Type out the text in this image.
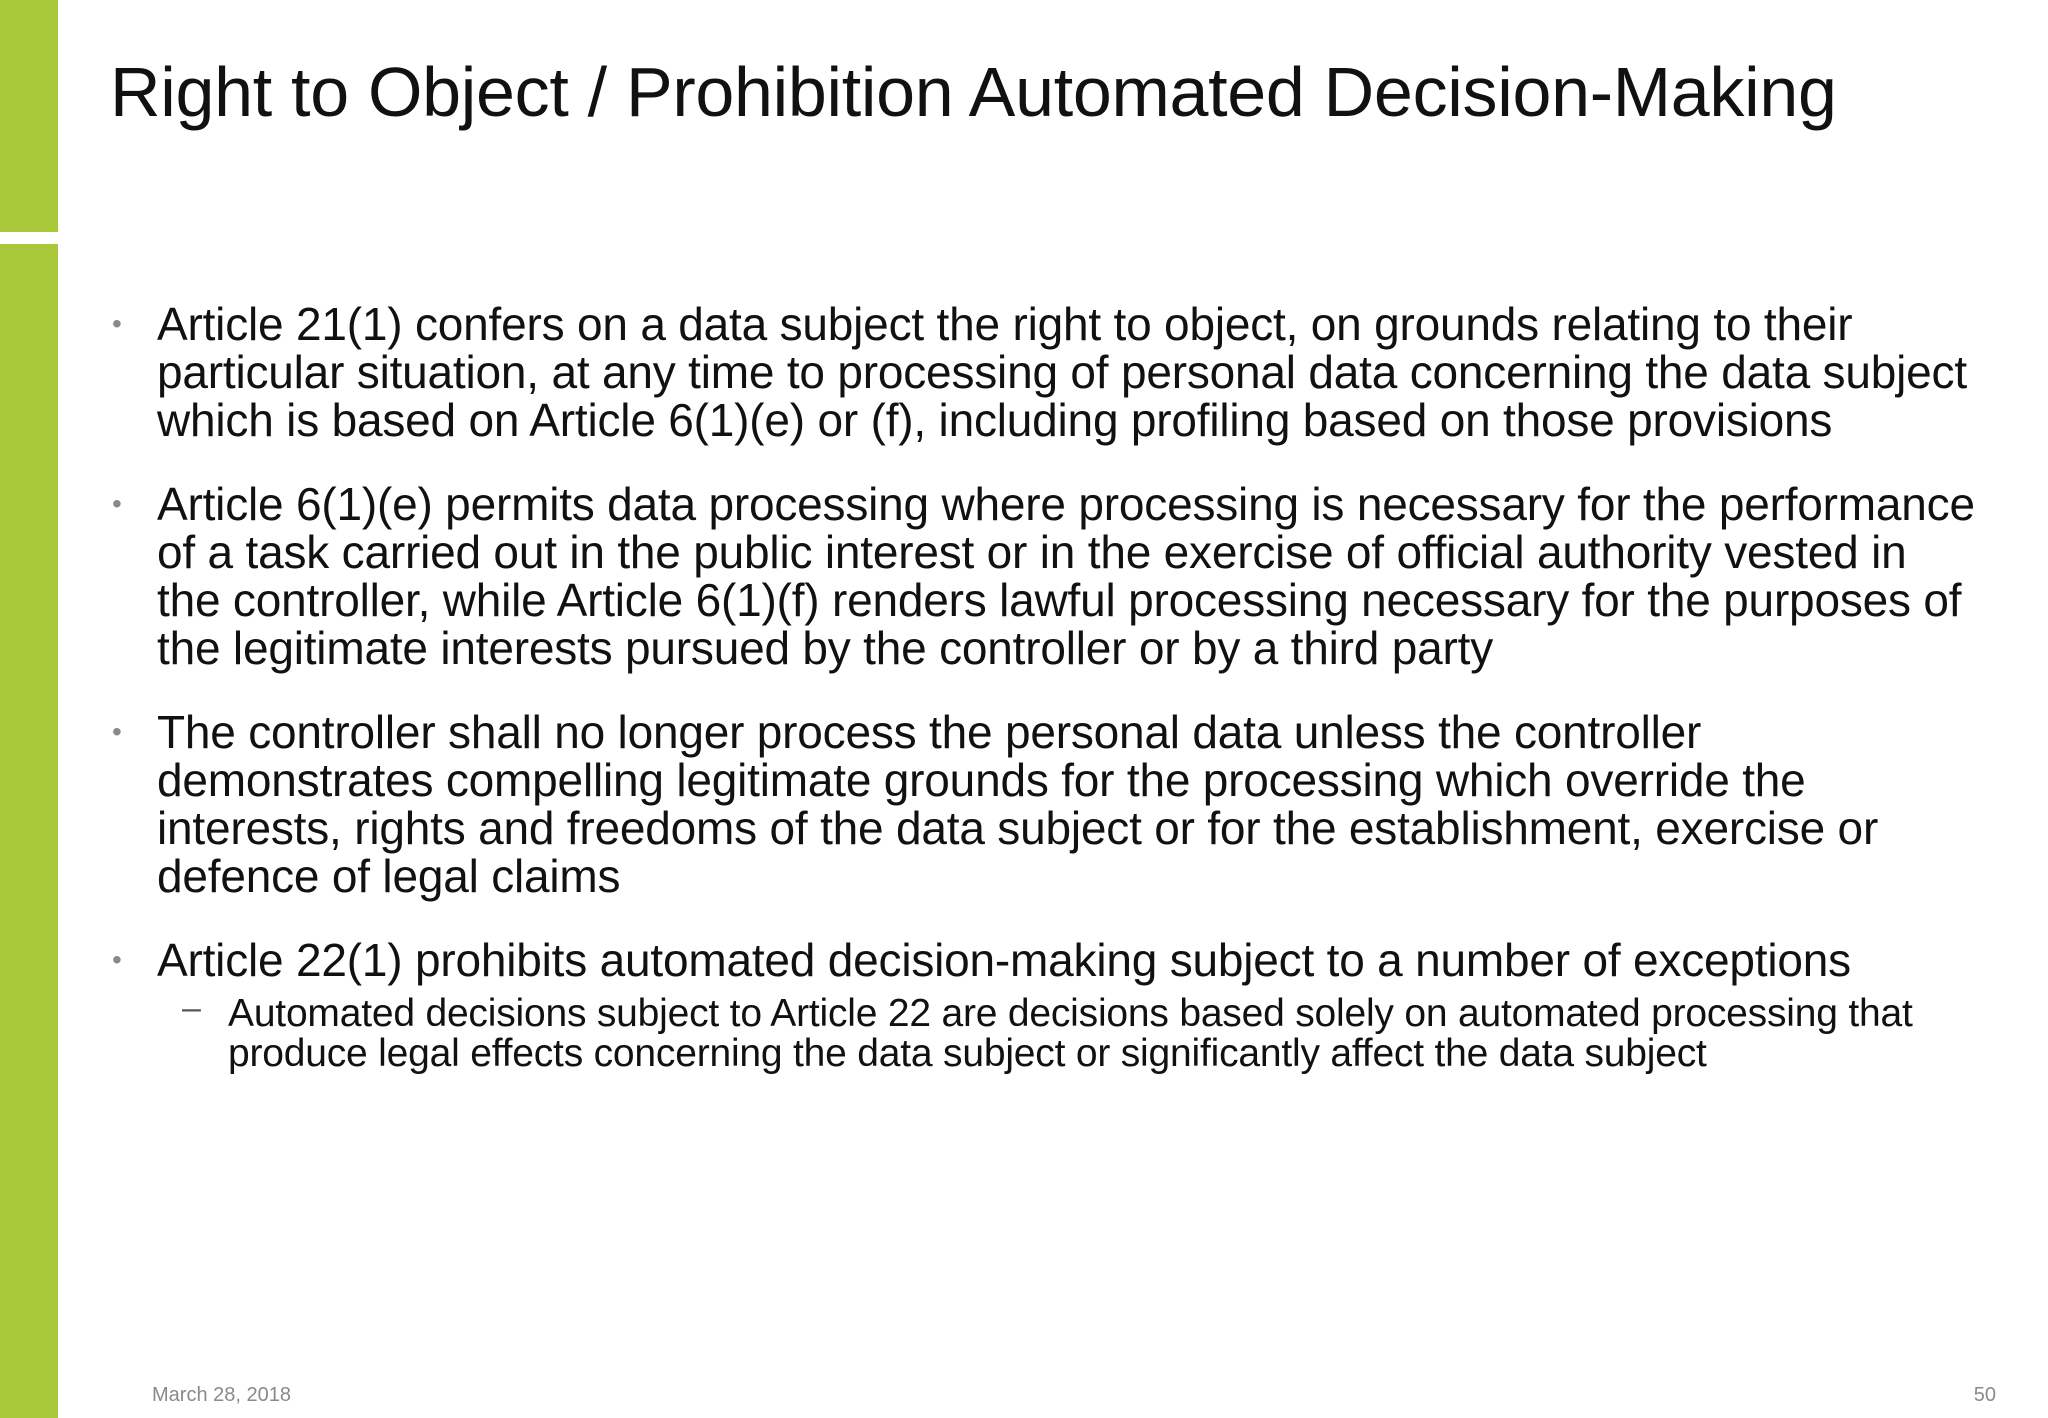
Right to Object / Prohibition Automated Decision-Making
• Article 21(1) confers on a data subject the right to object, on grounds relating to their particular situation, at any time to processing of personal data concerning the data subject which is based on Article 6(1)(e) or (f), including profiling based on those provisions
• Article 6(1)(e) permits data processing where processing is necessary for the performance of a task carried out in the public interest or in the exercise of official authority vested in the controller, while Article 6(1)(f) renders lawful processing necessary for the purposes of the legitimate interests pursued by the controller or by a third party
• The controller shall no longer process the personal data unless the controller demonstrates compelling legitimate grounds for the processing which override the interests, rights and freedoms of the data subject or for the establishment, exercise or defence of legal claims
• Article 22(1) prohibits automated decision-making subject to a number of exceptions
– Automated decisions subject to Article 22 are decisions based solely on automated processing that produce legal effects concerning the data subject or significantly affect the data subject
March 28, 2018	50
